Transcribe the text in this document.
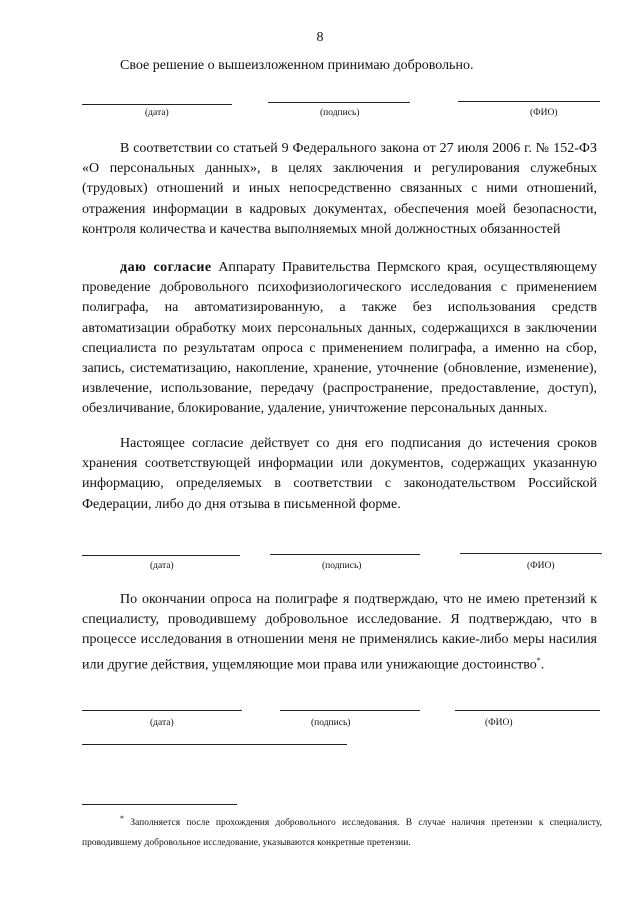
8
Свое решение о вышеизложенном принимаю добровольно.
(дата)	(подпись)	(ФИО)
В соответствии со статьей 9 Федерального закона от 27 июля 2006 г. № 152-ФЗ «О персональных данных», в целях заключения и регулирования служебных (трудовых) отношений и иных непосредственно связанных с ними отношений, отражения информации в кадровых документах, обеспечения моей безопасности, контроля количества и качества выполняемых мной должностных обязанностей
даю согласие Аппарату Правительства Пермского края, осуществляющему проведение добровольного психофизиологического исследования с применением полиграфа, на автоматизированную, а также без использования средств автоматизации обработку моих персональных данных, содержащихся в заключении специалиста по результатам опроса с применением полиграфа, а именно на сбор, запись, систематизацию, накопление, хранение, уточнение (обновление, изменение), извлечение, использование, передачу (распространение, предоставление, доступ), обезличивание, блокирование, удаление, уничтожение персональных данных.
Настоящее согласие действует со дня его подписания до истечения сроков хранения соответствующей информации или документов, содержащих указанную информацию, определяемых в соответствии с законодательством Российской Федерации, либо до дня отзыва в письменной форме.
(дата)	(подпись)	(ФИО)
По окончании опроса на полиграфе я подтверждаю, что не имею претензий к специалисту, проводившему добровольное исследование. Я подтверждаю, что в процессе исследования в отношении меня не применялись какие-либо меры насилия или другие действия, ущемляющие мои права или унижающие достоинство*.
(дата)	(подпись)	(ФИО)
* Заполняется после прохождения добровольного исследования. В случае наличия претензии к специалисту, проводившему добровольное исследование, указываются конкретные претензии.
